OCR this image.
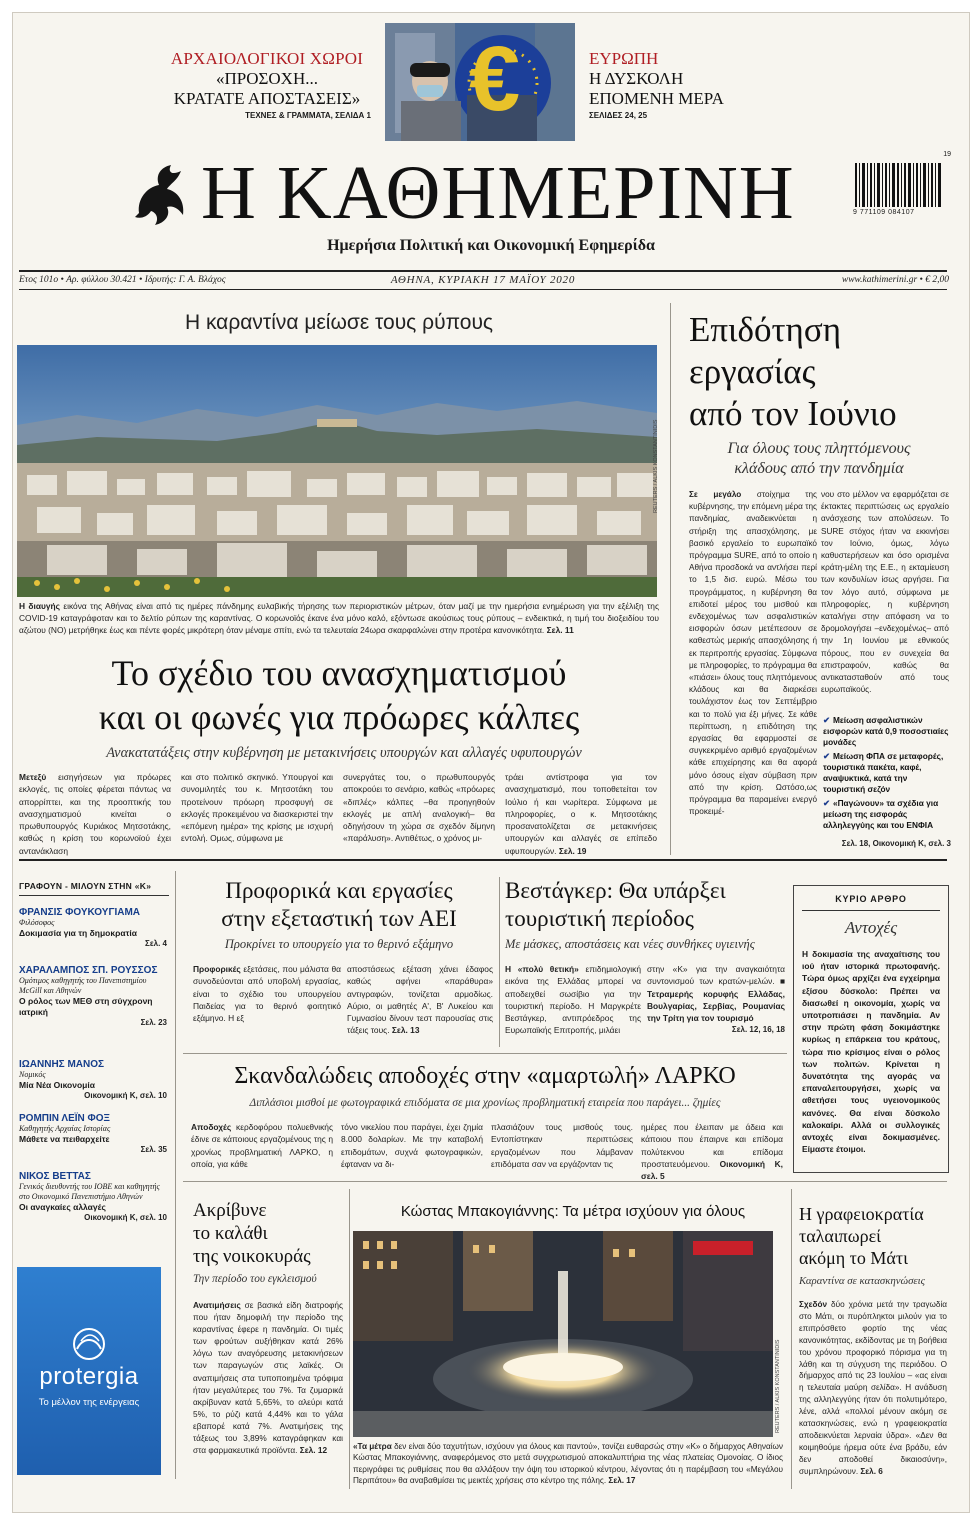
ΑΡΧΑΙΟΛΟΓΙΚΟΙ ΧΩΡΟΙ
«ΠΡΟΣΟΧΗ...
ΚΡΑΤΑΤΕ ΑΠΟΣΤΑΣΕΙΣ»
ΤΕΧΝΕΣ & ΓΡΑΜΜΑΤΑ, ΣΕΛΙΔΑ 1 €	ΕΥΡΩΠΗ
Η ΔΥΣΚΟΛΗ
ΕΠΟΜΕΝΗ ΜΕΡΑ
ΣΕΛΙΔΕΣ 24, 25
Η ΚΑΘΗΜΕΡΙΝΗ
Ημερήσια Πολιτική και Οικονομική Εφημερίδα
19
9 771109 084107
Ετος 101ο • Αρ. φύλλου 30.421 • Ιδρυτής: Γ. Α. Βλάχος	ΑΘΗΝΑ, ΚΥΡΙΑΚΗ 17 ΜΑΪΟΥ 2020	www.kathimerini.gr • € 2,00
Η καραντίνα μείωσε τους ρύπους
REUTERS / ALKIS KONSTANTINIDIS
Η διαυγής εικόνα της Αθήνας είναι από τις ημέρες πάνδημης ευλαβικής τήρησης των περιοριστικών μέτρων, όταν μαζί με την ημερήσια ενημέρωση για την εξέλιξη της COVID-19 καταγράφοταν και το δελτίο ρύπων της καραντίνας. Ο κορωνοϊός έκανε ένα μόνο καλό, εξόντωσε ακούσιως τους ρύπους – ενδεικτικά, η τιμή του διοξειδίου του αζώτου (NO) μετρήθηκε έως και πέντε φορές μικρότερη όταν μέναμε σπίτι, ενώ τα τελευταία 24ωρα σκαρφαλώνει στην προτέρα κανονικότητα. Σελ. 11
Το σχέδιο του ανασχηματισμού
και οι φωνές για πρόωρες κάλπες
Ανακατατάξεις στην κυβέρνηση με μετακινήσεις υπουργών και αλλαγές υφυπουργών
Μετεξύ εισηγήσεων για πρόωρες εκλογές, τις οποίες φέρεται πάντως να απορρίπτει, και της προοπτικής του ανασχηματισμού κινείται ο πρωθυπουργός Κυριάκος Μητσοτάκης, καθώς η κρίση του κορωνοϊού έχει αντανάκλαση
και στο πολιτικό σκηνικό. Υπουργοί και συνομιλητές του κ. Μητσοτάκη του προτείνουν πρόωρη προσφυγή σε εκλογές προκειμένου να διασκεριστεί την «επόμενη ημέρα» της κρίσης με ισχυρή εντολή. Ομως, σύμφωνα με
συνεργάτες του, ο πρωθυπουργός αποκρούει το σενάριο, καθώς «πρόωρες «διπλές» κάλπες –θα προηγηθούν εκλογές με απλή αναλογική– θα οδηγήσουν τη χώρα σε σχεδόν δίμηνη «παράλυση». Αντιθέτως, ο χρόνος μι-
τράει αντίστροφα για τον ανασχηματισμό, που τοποθετείται τον Ιούλιο ή και νωρίτερα. Σύμφωνα με πληροφορίες, ο κ. Μητσοτάκης προσανατολίζεται σε μετακινήσεις υπουργών και αλλαγές σε επίπεδο υφυπουργών. Σελ. 19
Επιδότηση
εργασίας
από τον Ιούνιο
Για όλους τους πληττόμενους
κλάδους από την πανδημία
Σε μεγάλο στοίχημα της κυβέρνησης, την επόμενη μέρα της πανδημίας, αναδεικνύεται η στήριξη της απασχόλησης, με βασικό εργαλείο το ευρωπαϊκό πρόγραμμα SURE, από το οποίο η Αθήνα προσδοκά να αντλήσει περί το 1,5 δισ. ευρώ. Μέσω του προγράμματος, η κυβέρνηση θα επιδοτεί μέρος του μισθού και ενδεχομένως των ασφαλιστικών εισφορών όσων μετέπεσουν σε καθεστώς μερικής απασχόλησης ή εκ περιτροπής εργασίας. Σύμφωνα με πληροφορίες, το πρόγραμμα θα «πιάσει» όλους τους πληττόμενους κλάδους και θα διαρκέσει τουλάχιστον έως τον Σεπτέμβριο και το πολύ για έξι μήνες. Σε κάθε περίπτωση, η επιδότηση της εργασίας θα εφαρμοστεί σε συγκεκριμένο αριθμό εργαζομένων κάθε επιχείρησης και θα αφορά μόνο όσους είχαν σύμβαση πριν από την κρίση. Ωστόσο,ως πρόγραμμα θα παραμείνει ενεργό προκειμέ-
νου στο μέλλον να εφαρμόζεται σε έκτακτες περιπτώσεις ως εργαλείο ανάσχεσης των απολύσεων. Το SURE στόχος ήταν να εκκινήσει τον Ιούνιο, όμως, λόγω καθυστερήσεων και όσο ορισμένα κράτη-μέλη της Ε.Ε., η εκταμίευση των κονδυλίων ίσως αργήσει. Για τον λόγο αυτό, σύμφωνα με πληροφορίες, η κυβέρνηση καταλήγει στην απόφαση να το δρομολογήσει –ενδεχομένως– από την 1η Ιουνίου με εθνικούς πόρους, που εν συνεχεία θα επιστραφούν, καθώς θα αντικατασταθούν από τους ευρωπαϊκούς.
✔ Μείωση ασφαλιστικών εισφορών κατά 0,9 ποσοστιαίες μονάδες
✔ Μείωση ΦΠΑ σε μεταφορές, τουριστικά πακέτα, καφέ, αναψυκτικά, κατά την τουριστική σεζόν
✔ «Παγώνουν» τα σχέδια για μείωση της εισφοράς αλληλεγγύης και του ΕΝΦΙΑ
Σελ. 18, Οικονομική Κ, σελ. 3
ΓΡΑΦΟΥΝ - ΜΙΛΟΥΝ ΣΤΗΝ «Κ»
ΦΡΑΝΣΙΣ ΦΟΥΚΟΥΓΙΑΜΑ
Φιλόσοφος
Δοκιμασία για τη δημοκρατία
Σελ. 4
ΧΑΡΑΛΑΜΠΟΣ ΣΠ. ΡΟΥΣΣΟΣ
Ομότιμος καθηγητής του Πανεπιστημίου McGill και Αθηνών
Ο ρόλος των ΜΕΘ στη σύγχρονη ιατρική
Σελ. 23
ΙΩΑΝΝΗΣ ΜΑΝΟΣ
Νομικός
Μία Νέα Οικονομία
Οικονομική Κ, σελ. 10
ΡΟΜΠΙΝ ΛΕΪΝ ΦΟΞ
Καθηγητής Αρχαίας Ιστορίας
Μάθετε να πειθαρχείτε
Σελ. 35
ΝΙΚΟΣ ΒΕΤΤΑΣ
Γενικός διευθυντής του ΙΟΒΕ και καθηγητής στο Οικονομικό Πανεπιστήμιο Αθηνών
Οι αναγκαίες αλλαγές
Οικονομική Κ, σελ. 10
protergia
Το μέλλον της ενέργειας
Προφορικά και εργασίες
στην εξεταστική των ΑΕΙ
Προκρίνει το υπουργείο για το θερινό εξάμηνο
Προφορικές εξετάσεις, που μάλιστα θα συνοδεύονται από υποβολή εργασίας, είναι το σχέδιο του υπουργείου Παιδείας για το θερινό φοιτητικό εξάμηνο. Η εξ
αποστάσεως εξέταση χάνει έδαφος καθώς αφήνει «παράθυρα» αντιγραφών, τονίζεται αρμοδίως. Αύριο, οι μαθητές Α', Β' Λυκείου και Γυμνασίου δίνουν τεστ παρουσίας στις τάξεις τους. Σελ. 13
Βεστάγκερ: Θα υπάρξει
τουριστική περίοδος
Με μάσκες, αποστάσεις και νέες συνθήκες υγιεινής
Η «πολύ θετική» επιδημιολογική εικόνα της Ελλάδας μπορεί να αποδειχθεί σωσίβιο για την τουριστική περίοδο. Η Μαργκρέτε Βεστάγκερ, αντιπρόεδρος της Ευρωπαϊκής Επιτροπής, μιλάει
στην «Κ» για την αναγκαιότητα συντονισμού των κρατών-μελών. ■ Τετραμερής κορυφής Ελλάδας, Βουλγαρίας, Σερβίας, Ρουμανίας την Τρίτη για τον τουρισμό
Σελ. 12, 16, 18
ΚΥΡΙΟ ΑΡΘΡΟ
Αντοχές
Η δοκιμασία της αναχαίτισης του ιού ήταν ιστορικά πρωτοφανής. Τώρα όμως αρχίζει ένα εγχείρημα εξίσου δύσκολο: Πρέπει να διασωθεί η οικονομία, χωρίς να υποτροπιάσει η πανδημία. Αν στην πρώτη φάση δοκιμάστηκε κυρίως η επάρκεια του κράτους, τώρα πιο κρίσιμος είναι ο ρόλος των πολιτών. Κρίνεται η δυνατότητα της αγοράς να επαναλειτουργήσει, χωρίς να αθετήσει τους υγειονομικούς κανόνες. Θα είναι δύσκολο καλοκαίρι. Αλλά οι συλλογικές αντοχές είναι δοκιμασμένες. Είμαστε έτοιμοι.
Σκανδαλώδεις αποδοχές στην «αμαρτωλή» ΛΑΡΚΟ
Διπλάσιοι μισθοί με φωτογραφικά επιδόματα σε μια χρονίως προβληματική εταιρεία που παράγει... ζημίες
Αποδοχές κερδοφόρου πολυεθνικής έδινε σε κάποιους εργαζομένους της η χρονίως προβληματική ΛΑΡΚΟ, η οποία, για κάθε
τόνο νικελίου που παράγει, έχει ζημία 8.000 δολαρίων. Με την καταβολή επιδομάτων, συχνά φωτογραφικών, έφταναν να δι-
πλασιάζουν τους μισθούς τους. Εντοπίστηκαν περιπτώσεις εργαζομένων που λάμβαναν επιδόματα σαν να εργάζονταν τις
ημέρες που έλειπαν με άδεια και κάποιου που έπαιρνε και επίδομα πολύτεκνου και επίδομα προστατευόμενου. Οικονομική Κ, σελ. 5
Ακρίβυνε
το καλάθι
της νοικοκυράς
Την περίοδο του εγκλεισμού
Ανατιμήσεις σε βασικά είδη διατροφής που ήταν δημοφιλή την περίοδο της καραντίνας έφερε η πανδημία. Οι τιμές των φρούτων αυξήθηκαν κατά 26% λόγω των αναγόρευσης μετακινήσεων των παραγωγών στις λαϊκές. Οι αναπιμήσεις στα τυποποιημένα τρόφιμα ήταν μεγαλύτερες του 7%. Τα ζυμαρικά ακρίβυναν κατά 5,65%, το αλεύρι κατά 5%, το ρύζι κατά 4,44% και το γάλα εβαπορέ κατά 7%. Ανατιμήσεις της τάξεως του 3,89% καταγράφηκαν και στα φαρμακευτικά προϊόντα. Σελ. 12
Κώστας Μπακογιάννης: Τα μέτρα ισχύουν για όλους
REUTERS / ALKIS KONSTANTINIDIS
«Τα μέτρα δεν είναι δύο ταχυτήτων, ισχύουν για όλους και παντού», τονίζει ευθαρσώς στην «Κ» ο δήμαρχος Αθηναίων Κώστας Μπακογιάννης, αναφερόμενος στο μετά συγχρωτισμού αποκαλυπτήρια της νέας πλατείας Ομονοίας. Ο ίδιος περιγράφει τις ρυθμίσεις που θα αλλάξουν την όψη του ιστορικού κέντρου, λέγοντας ότι η παρέμβαση του «Μεγάλου Περιπάτου» θα αναβαθμίσει τις μεικτές χρήσεις στο κέντρο της πόλης. Σελ. 17
Η γραφειοκρατία
ταλαιπωρεί
ακόμη το Μάτι
Καραντίνα σε κατασκηνώσεις
Σχεδόν δύο χρόνια μετά την τραγωδία στο Μάτι, οι πυρόπληκτοι μιλούν για το επιπρόσθετο φορτίο της νέας κανονικότητας, εκδίδοντας με τη βοήθεια του χρόνου προφορικό πόρισμα για τη λάθη και τη σύγχυση της περιόδου. Ο δήμαρχος από τις 23 Ιουλίου – «ας είναι η τελευταία μαύρη σελίδα». Η ανάδυση της αλληλεγγύης ήταν ότι πολυτιμότερο, λένε, αλλά «πολλοί μένουν ακόμη σε κατασκηνώσεις, ενώ η γραφειοκρατία αποδεικνύεται λερναία ύδρα». «Δεν θα κοιμηθούμε ήρεμα ούτε ένα βράδυ, εάν δεν αποδοθεί δικαιοσύνη», συμπληρώνουν. Σελ. 6
